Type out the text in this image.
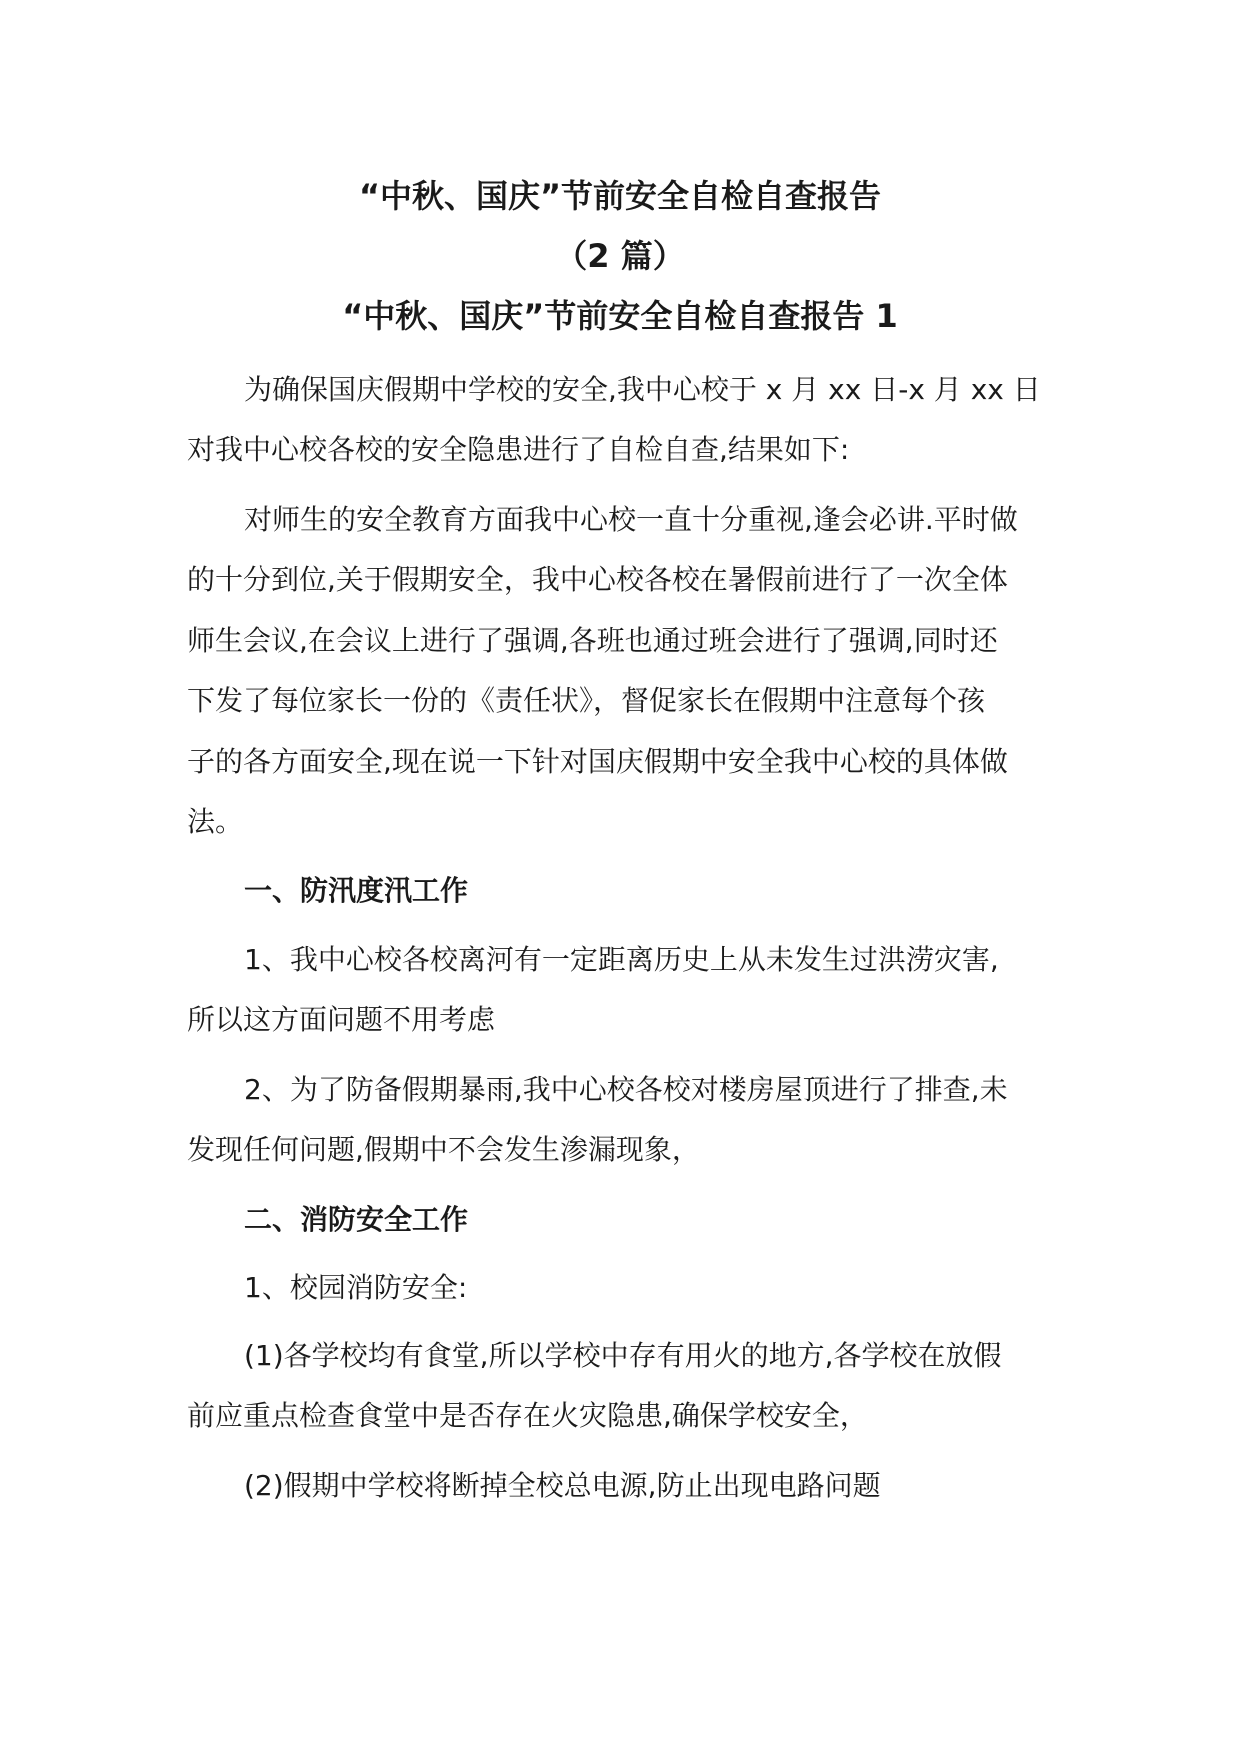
“中秋、国庆”节前安全自检自查报告
（2 篇）
“中秋、国庆”节前安全自检自查报告 1
为确保国庆假期中学校的安全,我中心校于 x 月 xx 日-x 月 xx 日
对我中心校各校的安全隐患进行了自检自查,结果如下:
对师生的安全教育方面我中心校一直十分重视,逢会必讲.平时做
的十分到位,关于假期安全，我中心校各校在暑假前进行了一次全体
师生会议,在会议上进行了强调,各班也通过班会进行了强调,同时还
下发了每位家长一份的《责任状》，督促家长在假期中注意每个孩
子的各方面安全,现在说一下针对国庆假期中安全我中心校的具体做
法。
一、防汛度汛工作
1、我中心校各校离河有一定距离历史上从未发生过洪涝灾害,
所以这方面问题不用考虑
2、为了防备假期暴雨,我中心校各校对楼房屋顶进行了排查,未
发现任何问题,假期中不会发生渗漏现象，
二、消防安全工作
1、校园消防安全:
(1)各学校均有食堂,所以学校中存有用火的地方,各学校在放假
前应重点检查食堂中是否存在火灾隐患,确保学校安全，
(2)假期中学校将断掉全校总电源,防止出现电路问题
